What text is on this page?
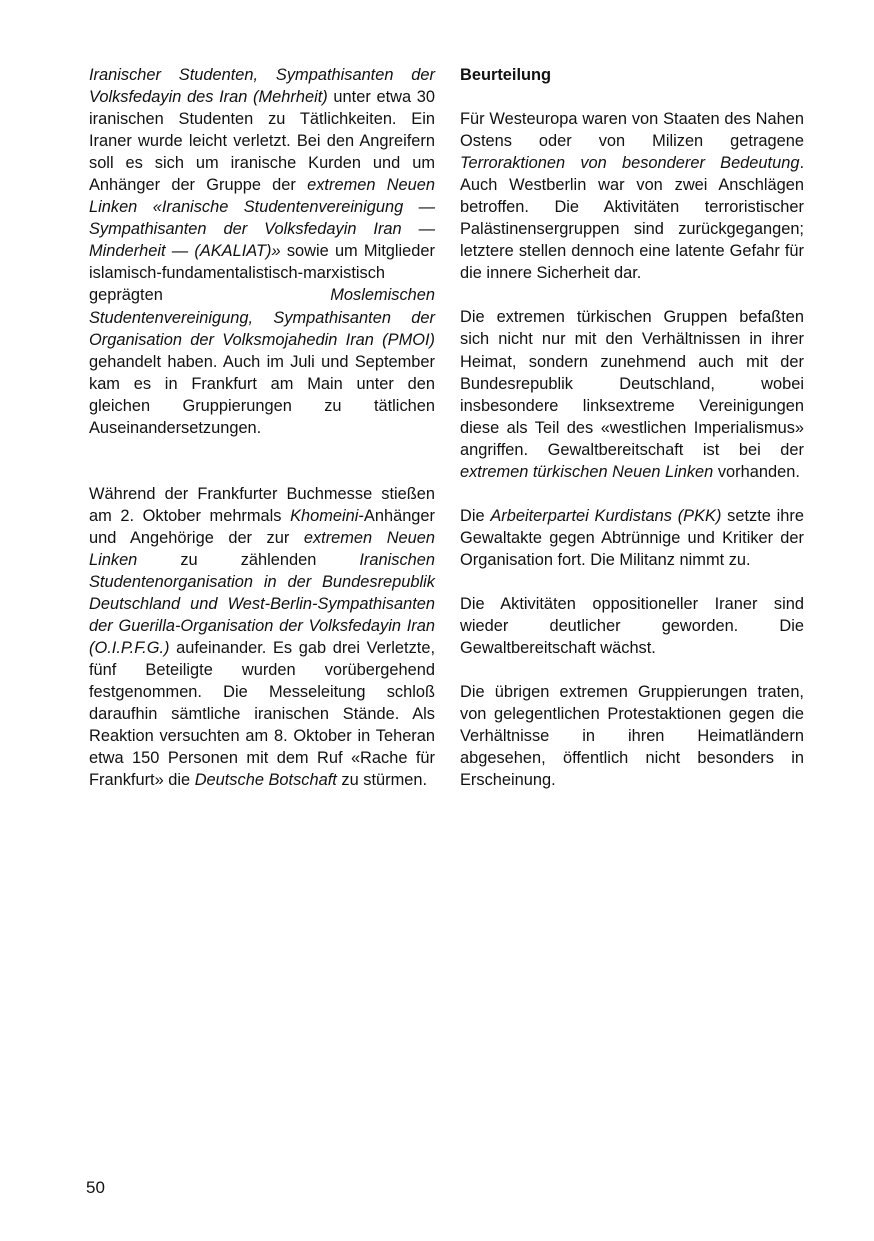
Iranischer Studenten, Sympathisanten der Volksfedayin des Iran (Mehrheit) unter etwa 30 iranischen Studenten zu Tätlichkeiten. Ein Iraner wurde leicht verletzt. Bei den Angreifern soll es sich um iranische Kurden und um Anhänger der Gruppe der extremen Neuen Linken «Iranische Studentenvereinigung — Sympathisanten der Volksfedayin Iran — Minderheit — (AKALIAT)» sowie um Mitglieder islamisch-fundamentalistisch-marxistisch geprägten Moslemischen Studentenvereinigung, Sympathisanten der Organisation der Volksmojahedin Iran (PMOI) gehandelt haben. Auch im Juli und September kam es in Frankfurt am Main unter den gleichen Gruppierungen zu tätlichen Auseinandersetzungen.

Während der Frankfurter Buchmesse stießen am 2. Oktober mehrmals Khomeini-Anhänger und Angehörige der zur extremen Neuen Linken zu zählenden Iranischen Studentenorganisation in der Bundesrepublik Deutschland und West-Berlin-Sympathisanten der Guerilla-Organisation der Volksfedayin Iran (O.I.P.F.G.) aufeinander. Es gab drei Verletzte, fünf Beteiligte wurden vorübergehend festgenommen. Die Messeleitung schloß daraufhin sämtliche iranischen Stände. Als Reaktion versuchten am 8. Oktober in Teheran etwa 150 Personen mit dem Ruf «Rache für Frankfurt» die Deutsche Botschaft zu stürmen.

Beurteilung

Für Westeuropa waren von Staaten des Nahen Ostens oder von Milizen getragene Terroraktionen von besonderer Bedeutung. Auch Westberlin war von zwei Anschlägen betroffen. Die Aktivitäten terroristischer Palästinensergruppen sind zurückgegangen; letztere stellen dennoch eine latente Gefahr für die innere Sicherheit dar.

Die extremen türkischen Gruppen befaßten sich nicht nur mit den Verhältnissen in ihrer Heimat, sondern zunehmend auch mit der Bundesrepublik Deutschland, wobei insbesondere linksextreme Vereinigungen diese als Teil des «westlichen Imperialismus» angriffen. Gewaltbereitschaft ist bei der extremen türkischen Neuen Linken vorhanden.

Die Arbeiterpartei Kurdistans (PKK) setzte ihre Gewaltakte gegen Abtrünnige und Kritiker der Organisation fort. Die Militanz nimmt zu.

Die Aktivitäten oppositioneller Iraner sind wieder deutlicher geworden. Die Gewaltbereitschaft wächst.

Die übrigen extremen Gruppierungen traten, von gelegentlichen Protestaktionen gegen die Verhältnisse in ihren Heimatländern abgesehen, öffentlich nicht besonders in Erscheinung.

50
